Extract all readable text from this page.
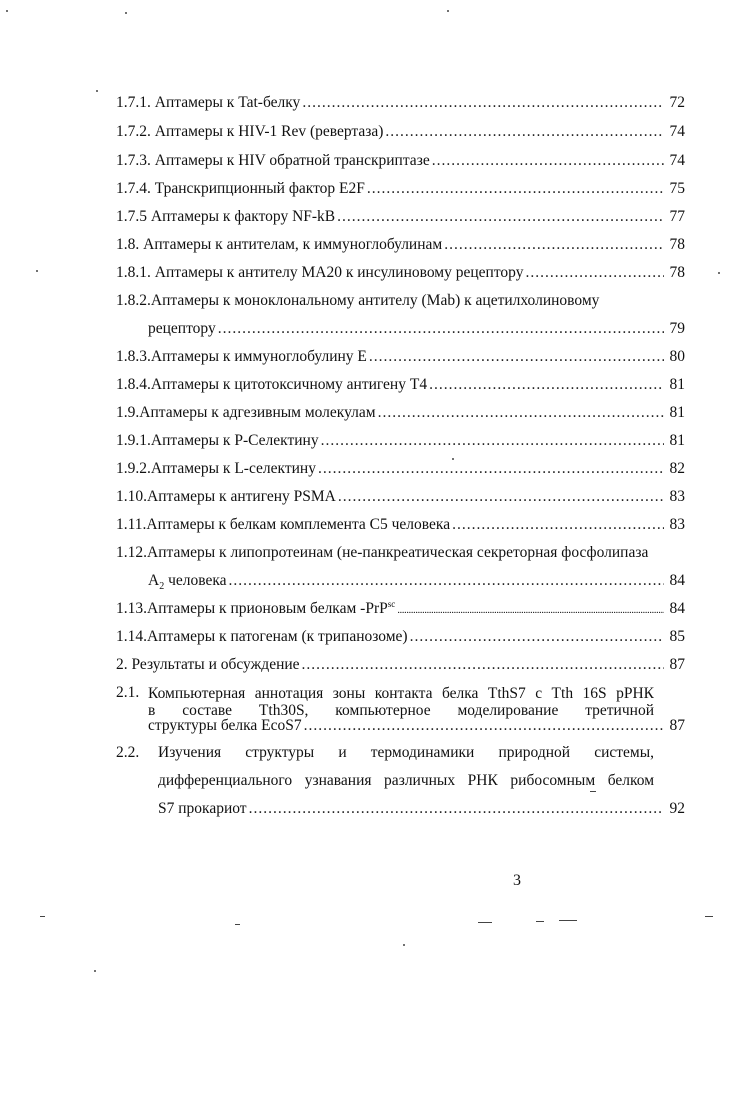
1.7.1. Аптамеры к Tat-белку .....	72
1.7.2. Аптамеры к HIV-1 Rev (ревертаза) .....	74
1.7.3. Аптамеры к HIV обратной транскриптазе .....	74
1.7.4. Транскрипционный фактор E2F .....	75
1.7.5 Аптамеры к фактору NF-kB .....	77
1.8. Аптамеры к антителам, к иммуноглобулинам .....	78
1.8.1. Аптамеры к антителу МА20 к инсулиновому рецептору .....	78
1.8.2.Аптамеры к моноклональному антителу (Mab) к ацетилхолиновому
рецептору .....	79
1.8.3.Аптамеры к иммуноглобулину Е .....	80
1.8.4.Аптамеры к цитотоксичному антигену Т4 .....	81
1.9.Аптамеры к адгезивным молекулам .....	81
1.9.1.Аптамеры к Р-Селектину .....	81
1.9.2.Аптамеры к L-селектину .....	82
1.10.Аптамеры к антигену PSMA .....	83
1.11.Аптамеры к белкам комплемента С5 человека .....	83
1.12.Аптамеры к липопротеинам (не-панкреатическая секреторная фосфолипаза
$A_2$ человека .....	84
1.13.Аптамеры к прионовым белкам -PrP$^{sc}$ .....	84
1.14.Аптамеры к патогенам (к трипанозоме) .....	85
2. Результаты и обсуждение .....	87
2.1. Компьютерная аннотация зоны контакта белка TthS7 с Tth 16S рРНК
в составе Tth30S, компьютерное моделирование третичной
структуры белка EcoS7 .....	87
2.2. Изучения структуры и термодинамики природной системы,
дифференциального узнавания различных РНК рибосомным белком
S7 прокариот .....	92
3
